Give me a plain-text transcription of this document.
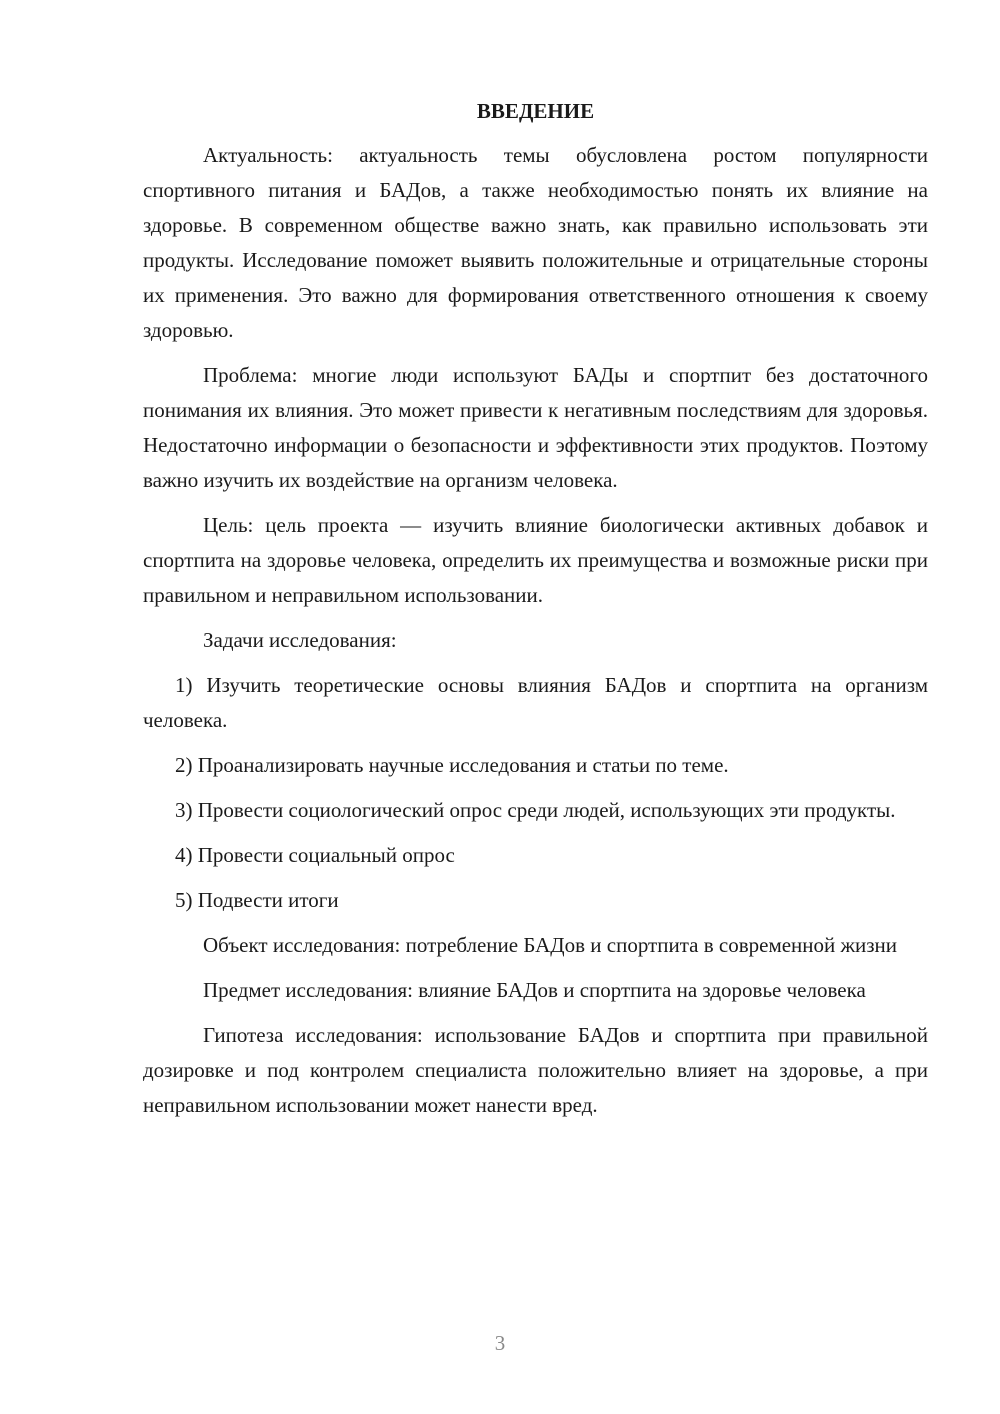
ВВЕДЕНИЕ

Актуальность: актуальность темы обусловлена ростом популярности спортивного питания и БАДов, а также необходимостью понять их влияние на здоровье. В современном обществе важно знать, как правильно использовать эти продукты. Исследование поможет выявить положительные и отрицательные стороны их применения. Это важно для формирования ответственного отношения к своему здоровью.

Проблема: многие люди используют БАДы и спортпит без достаточного понимания их влияния. Это может привести к негативным последствиям для здоровья. Недостаточно информации о безопасности и эффективности этих продуктов. Поэтому важно изучить их воздействие на организм человека.

Цель: цель проекта — изучить влияние биологически активных добавок и спортпита на здоровье человека, определить их преимущества и возможные риски при правильном и неправильном использовании.

Задачи исследования:

1) Изучить теоретические основы влияния БАДов и спортпита на организм человека.

2) Проанализировать научные исследования и статьи по теме.

3) Провести социологический опрос среди людей, использующих эти продукты.

4) Провести социальный опрос

5) Подвести итоги

Объект исследования: потребление БАДов и спортпита в современной жизни

Предмет исследования: влияние БАДов и спортпита на здоровье человека

Гипотеза исследования: использование БАДов и спортпита при правильной дозировке и под контролем специалиста положительно влияет на здоровье, а при неправильном использовании может нанести вред.

3
